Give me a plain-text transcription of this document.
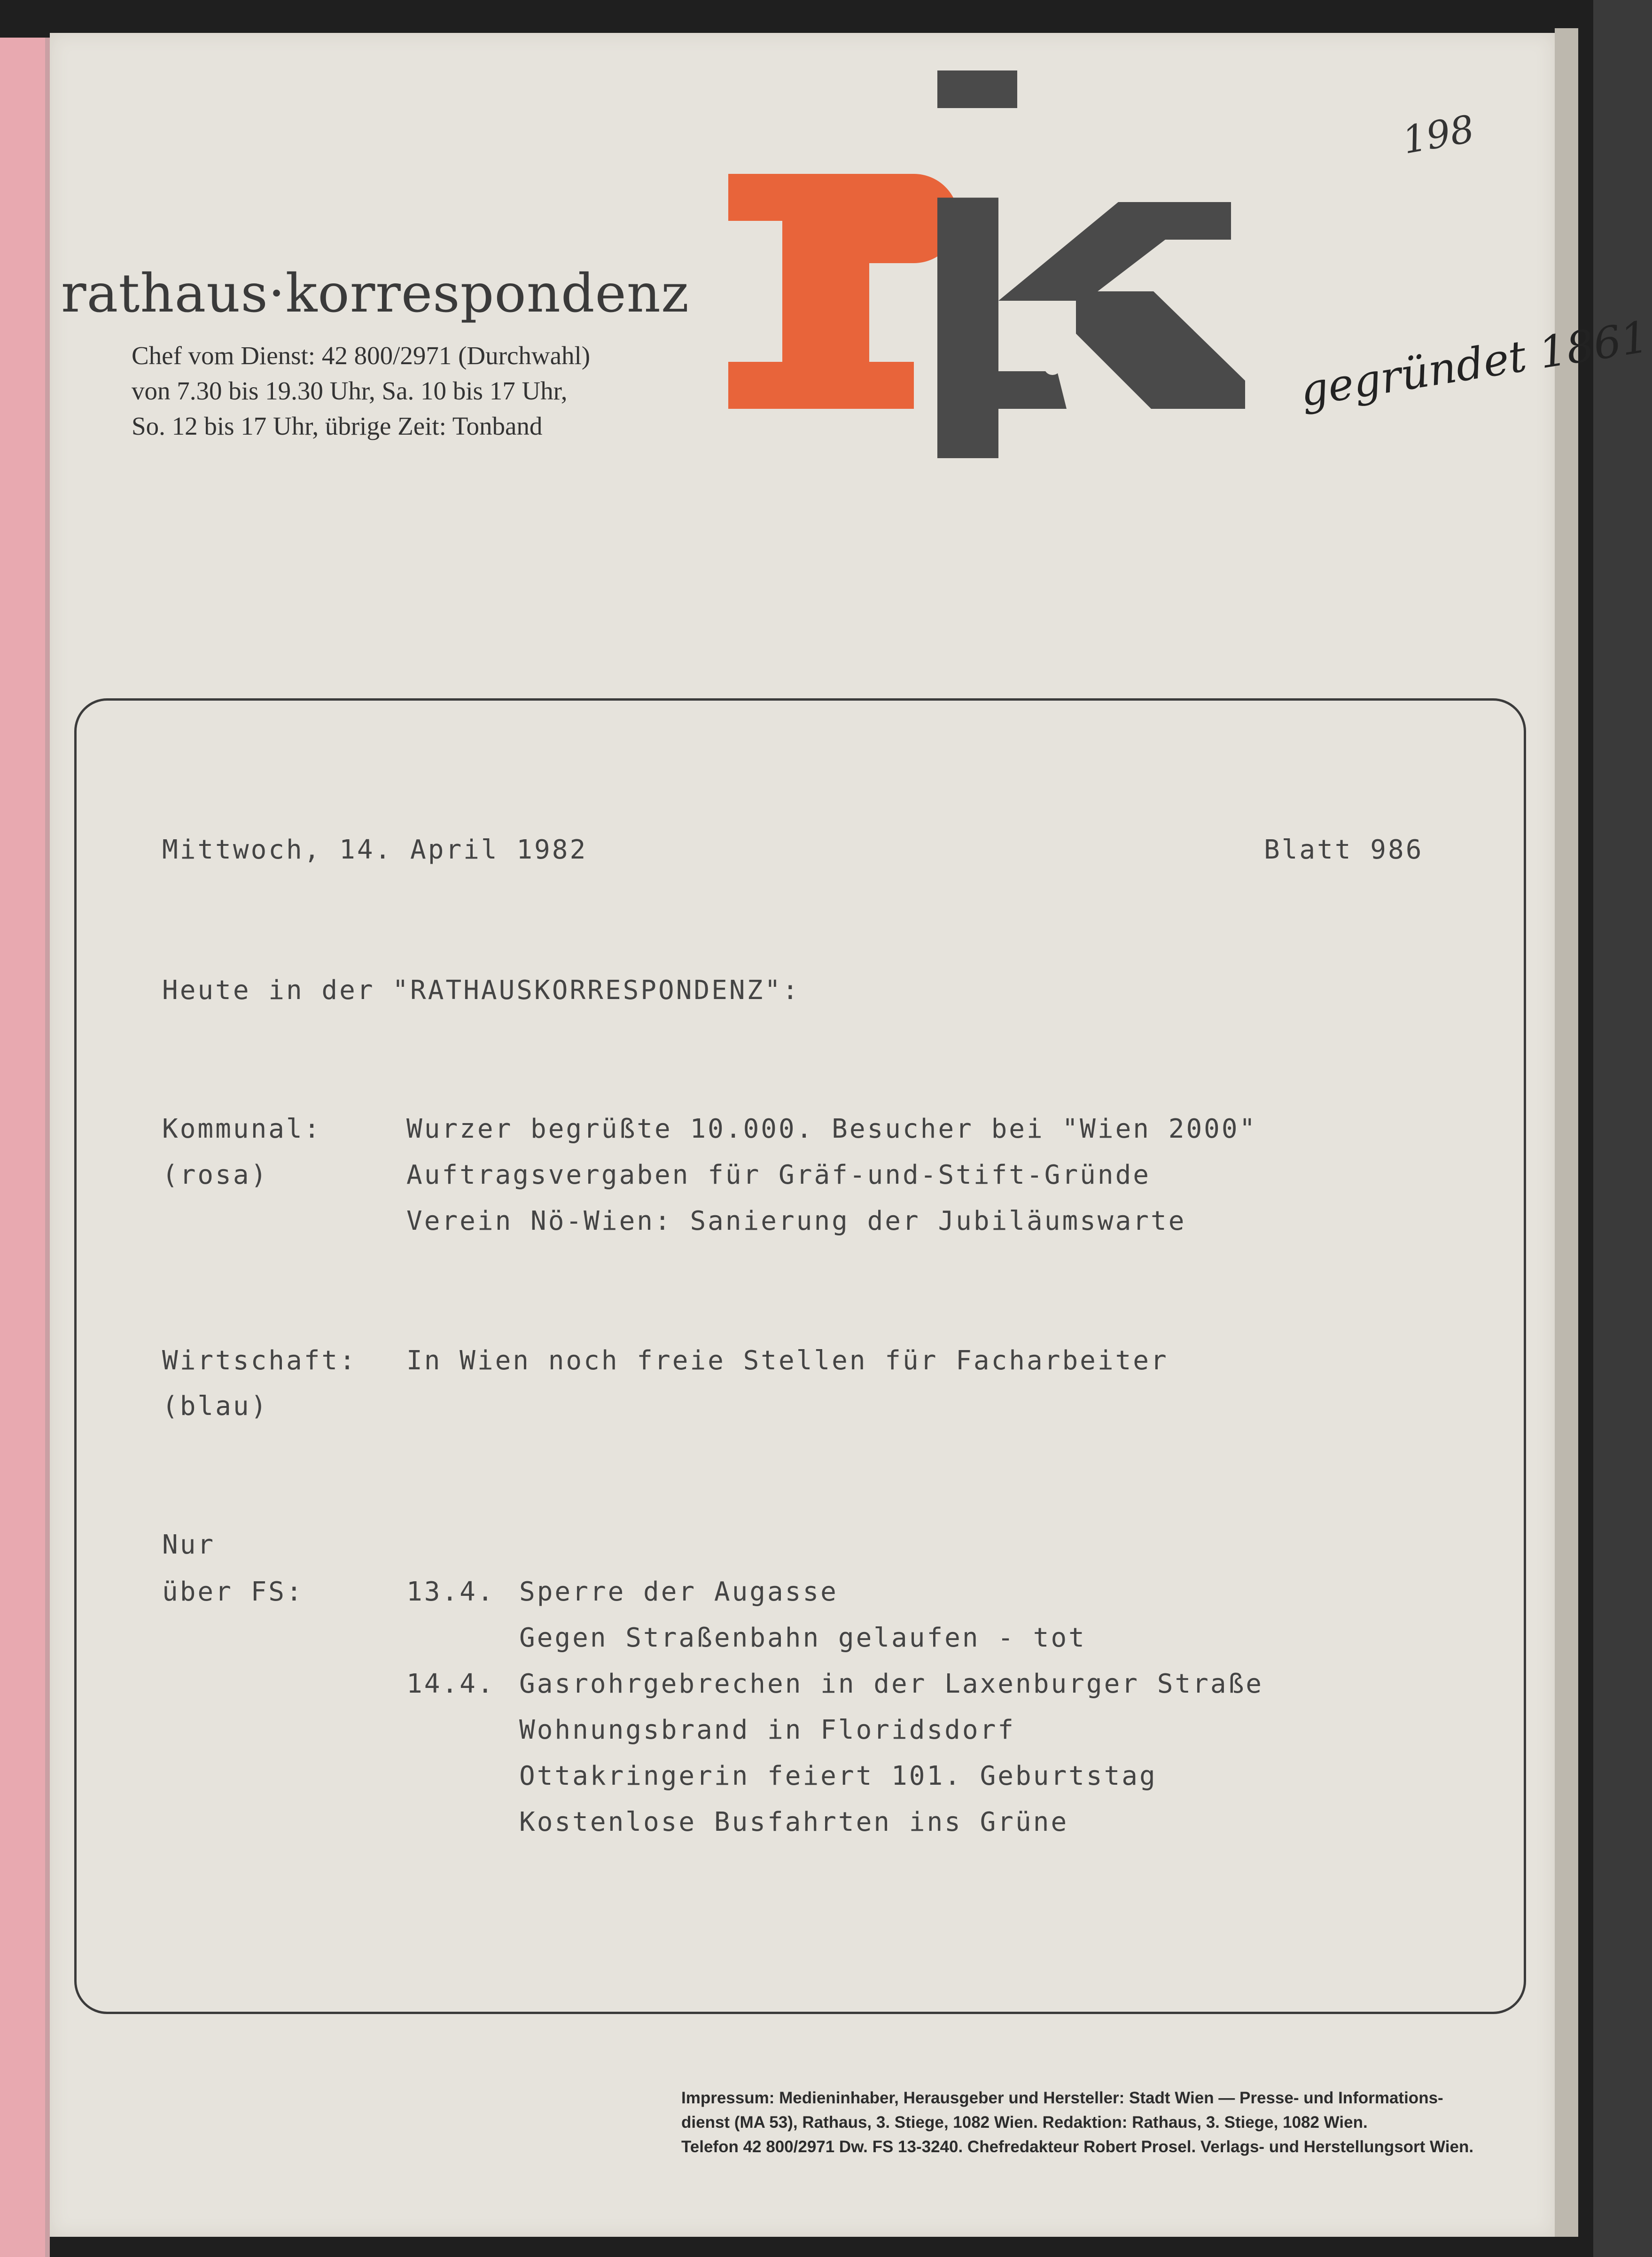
rathaus·korrespondenz
Chef vom Dienst: 42 800/2971 (Durchwahl)
von 7.30 bis 19.30 Uhr, Sa. 10 bis 17 Uhr,
So. 12 bis 17 Uhr, übrige Zeit: Tonband
gegründet 1861
198
Mittwoch, 14. April 1982	Blatt 986
Heute in der "RATHAUSKORRESPONDENZ":
Kommunal:
(rosa)
Wurzer begrüßte 10.000. Besucher bei "Wien 2000"
Auftragsvergaben für Gräf-und-Stift-Gründe
Verein Nö-Wien: Sanierung der Jubiläumswarte
Wirtschaft:
(blau)
In Wien noch freie Stellen für Facharbeiter
Nur
über FS:	13.4. Sperre der Augasse
Gegen Straßenbahn gelaufen - tot
14.4. Gasrohrgebrechen in der Laxenburger Straße
Wohnungsbrand in Floridsdorf
Ottakringerin feiert 101. Geburtstag
Kostenlose Busfahrten ins Grüne
Impressum: Medieninhaber, Herausgeber und Hersteller: Stadt Wien — Presse- und Informations-
dienst (MA 53), Rathaus, 3. Stiege, 1082 Wien. Redaktion: Rathaus, 3. Stiege, 1082 Wien.
Telefon 42 800/2971 Dw. FS 13-3240. Chefredakteur Robert Prosel. Verlags- und Herstellungsort Wien.
